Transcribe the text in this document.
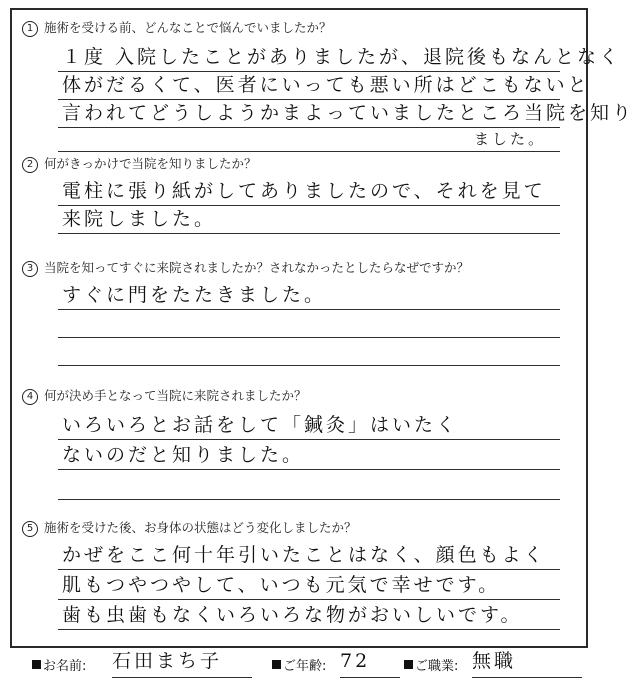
1 施術を受ける前、どんなことで悩んでいましたか？
１度 入院したことがありましたが、退院後もなんとなく
体がだるくて、医者にいっても悪い所はどこもないと
言われてどうしようかまよっていましたところ当院を知り
ました。
2 何がきっかけで当院を知りましたか？
電柱に張り紙がしてありましたので、それを見て
来院しました。
3 当院を知ってすぐに来院されましたか？されなかったとしたらなぜですか？
すぐに門をたたきました。
4 何が決め手となって当院に来院されましたか？
いろいろとお話をして「鍼灸」はいたく
ないのだと知りました。
5 施術を受けた後、お身体の状態はどう変化しましたか？
かぜをここ何十年引いたことはなく、顔色もよく
肌もつやつやして、いつも元気で幸せです。
歯も虫歯もなくいろいろな物がおいしいです。
お名前: 石田まち子	ご年齢: 72	ご職業: 無職
